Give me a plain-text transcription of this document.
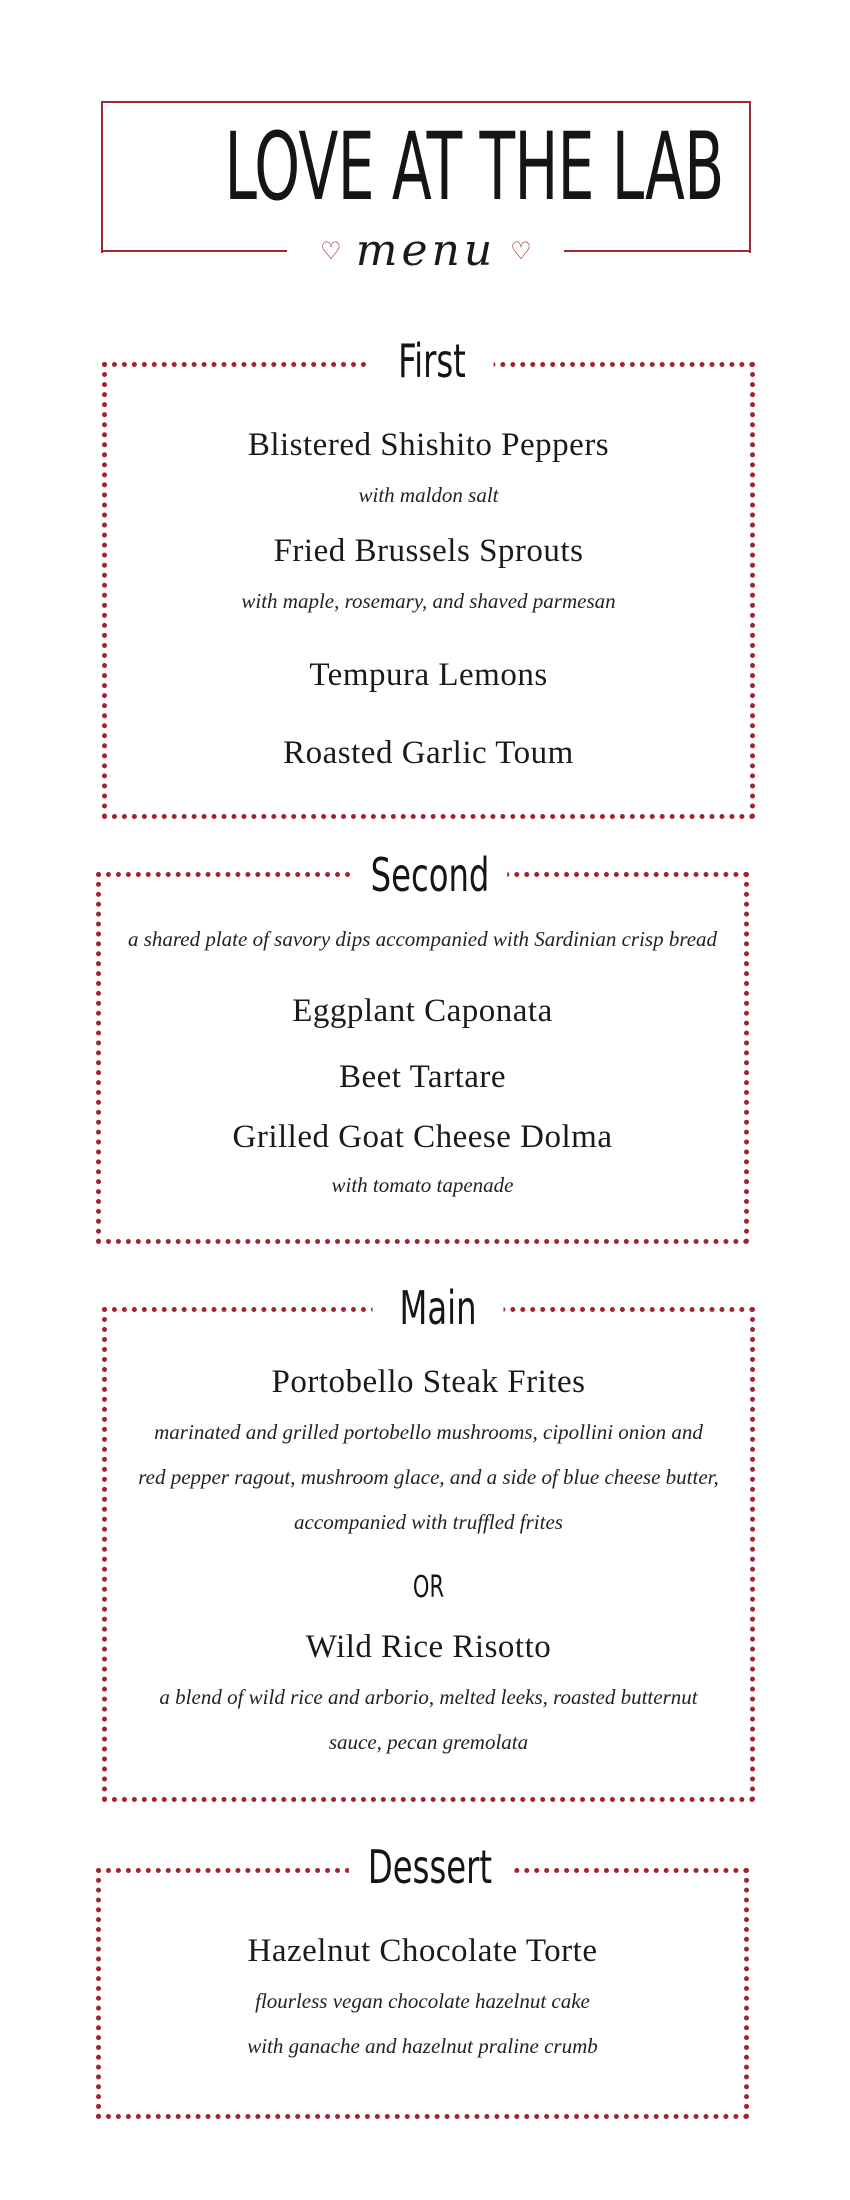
LOVE AT THE LAB
♡ menu ♡
First
Blistered Shishito Peppers
with maldon salt
Fried Brussels Sprouts
with maple, rosemary, and shaved parmesan
Tempura Lemons
Roasted Garlic Toum
Second
a shared plate of savory dips accompanied with Sardinian crisp bread
Eggplant Caponata
Beet Tartare
Grilled Goat Cheese Dolma
with tomato tapenade
Main
Portobello Steak Frites
marinated and grilled portobello mushrooms, cipollini onion and
red pepper ragout, mushroom glace, and a side of blue cheese butter,
accompanied with truffled frites
OR
Wild Rice Risotto
a blend of wild rice and arborio, melted leeks, roasted butternut
sauce, pecan gremolata
Dessert
Hazelnut Chocolate Torte
flourless vegan chocolate hazelnut cake
with ganache and hazelnut praline crumb
